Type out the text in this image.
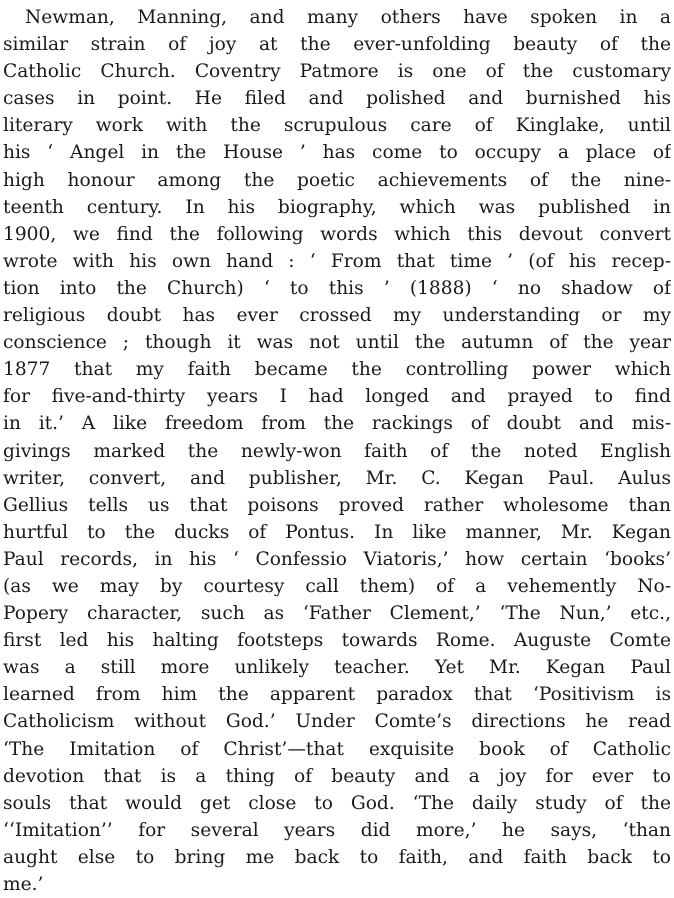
Newman, Manning, and many others have spoken in a
similar strain of joy at the ever-unfolding beauty of the
Catholic Church. Coventry Patmore is one of the customary
cases in point. He filed and polished and burnished his
literary work with the scrupulous care of Kinglake, until
his ‘ Angel in the House ’ has come to occupy a place of
high honour among the poetic achievements of the nine-
teenth century. In his biography, which was published in
1900, we find the following words which this devout convert
wrote with his own hand : ‘ From that time ’ (of his recep-
tion into the Church) ‘ to this ’ (1888) ‘ no shadow of
religious doubt has ever crossed my understanding or my
conscience ; though it was not until the autumn of the year
1877 that my faith became the controlling power which
for five-and-thirty years I had longed and prayed to find
in it.’ A like freedom from the rackings of doubt and mis-
givings marked the newly-won faith of the noted English
writer, convert, and publisher, Mr. C. Kegan Paul. Aulus
Gellius tells us that poisons proved rather wholesome than
hurtful to the ducks of Pontus. In like manner, Mr. Kegan
Paul records, in his ‘ Confessio Viatoris,’ how certain ‘books’
(as we may by courtesy call them) of a vehemently No-
Popery character, such as ‘Father Clement,’ ‘The Nun,’ etc.,
first led his halting footsteps towards Rome. Auguste Comte
was a still more unlikely teacher. Yet Mr. Kegan Paul
learned from him the apparent paradox that ‘Positivism is
Catholicism without God.’ Under Comte’s directions he read
‘The Imitation of Christ’—that exquisite book of Catholic
devotion that is a thing of beauty and a joy for ever to
souls that would get close to God. ‘The daily study of the
‘‘Imitation’’ for several years did more,’ he says, ‘than
aught else to bring me back to faith, and faith back to
me.’
